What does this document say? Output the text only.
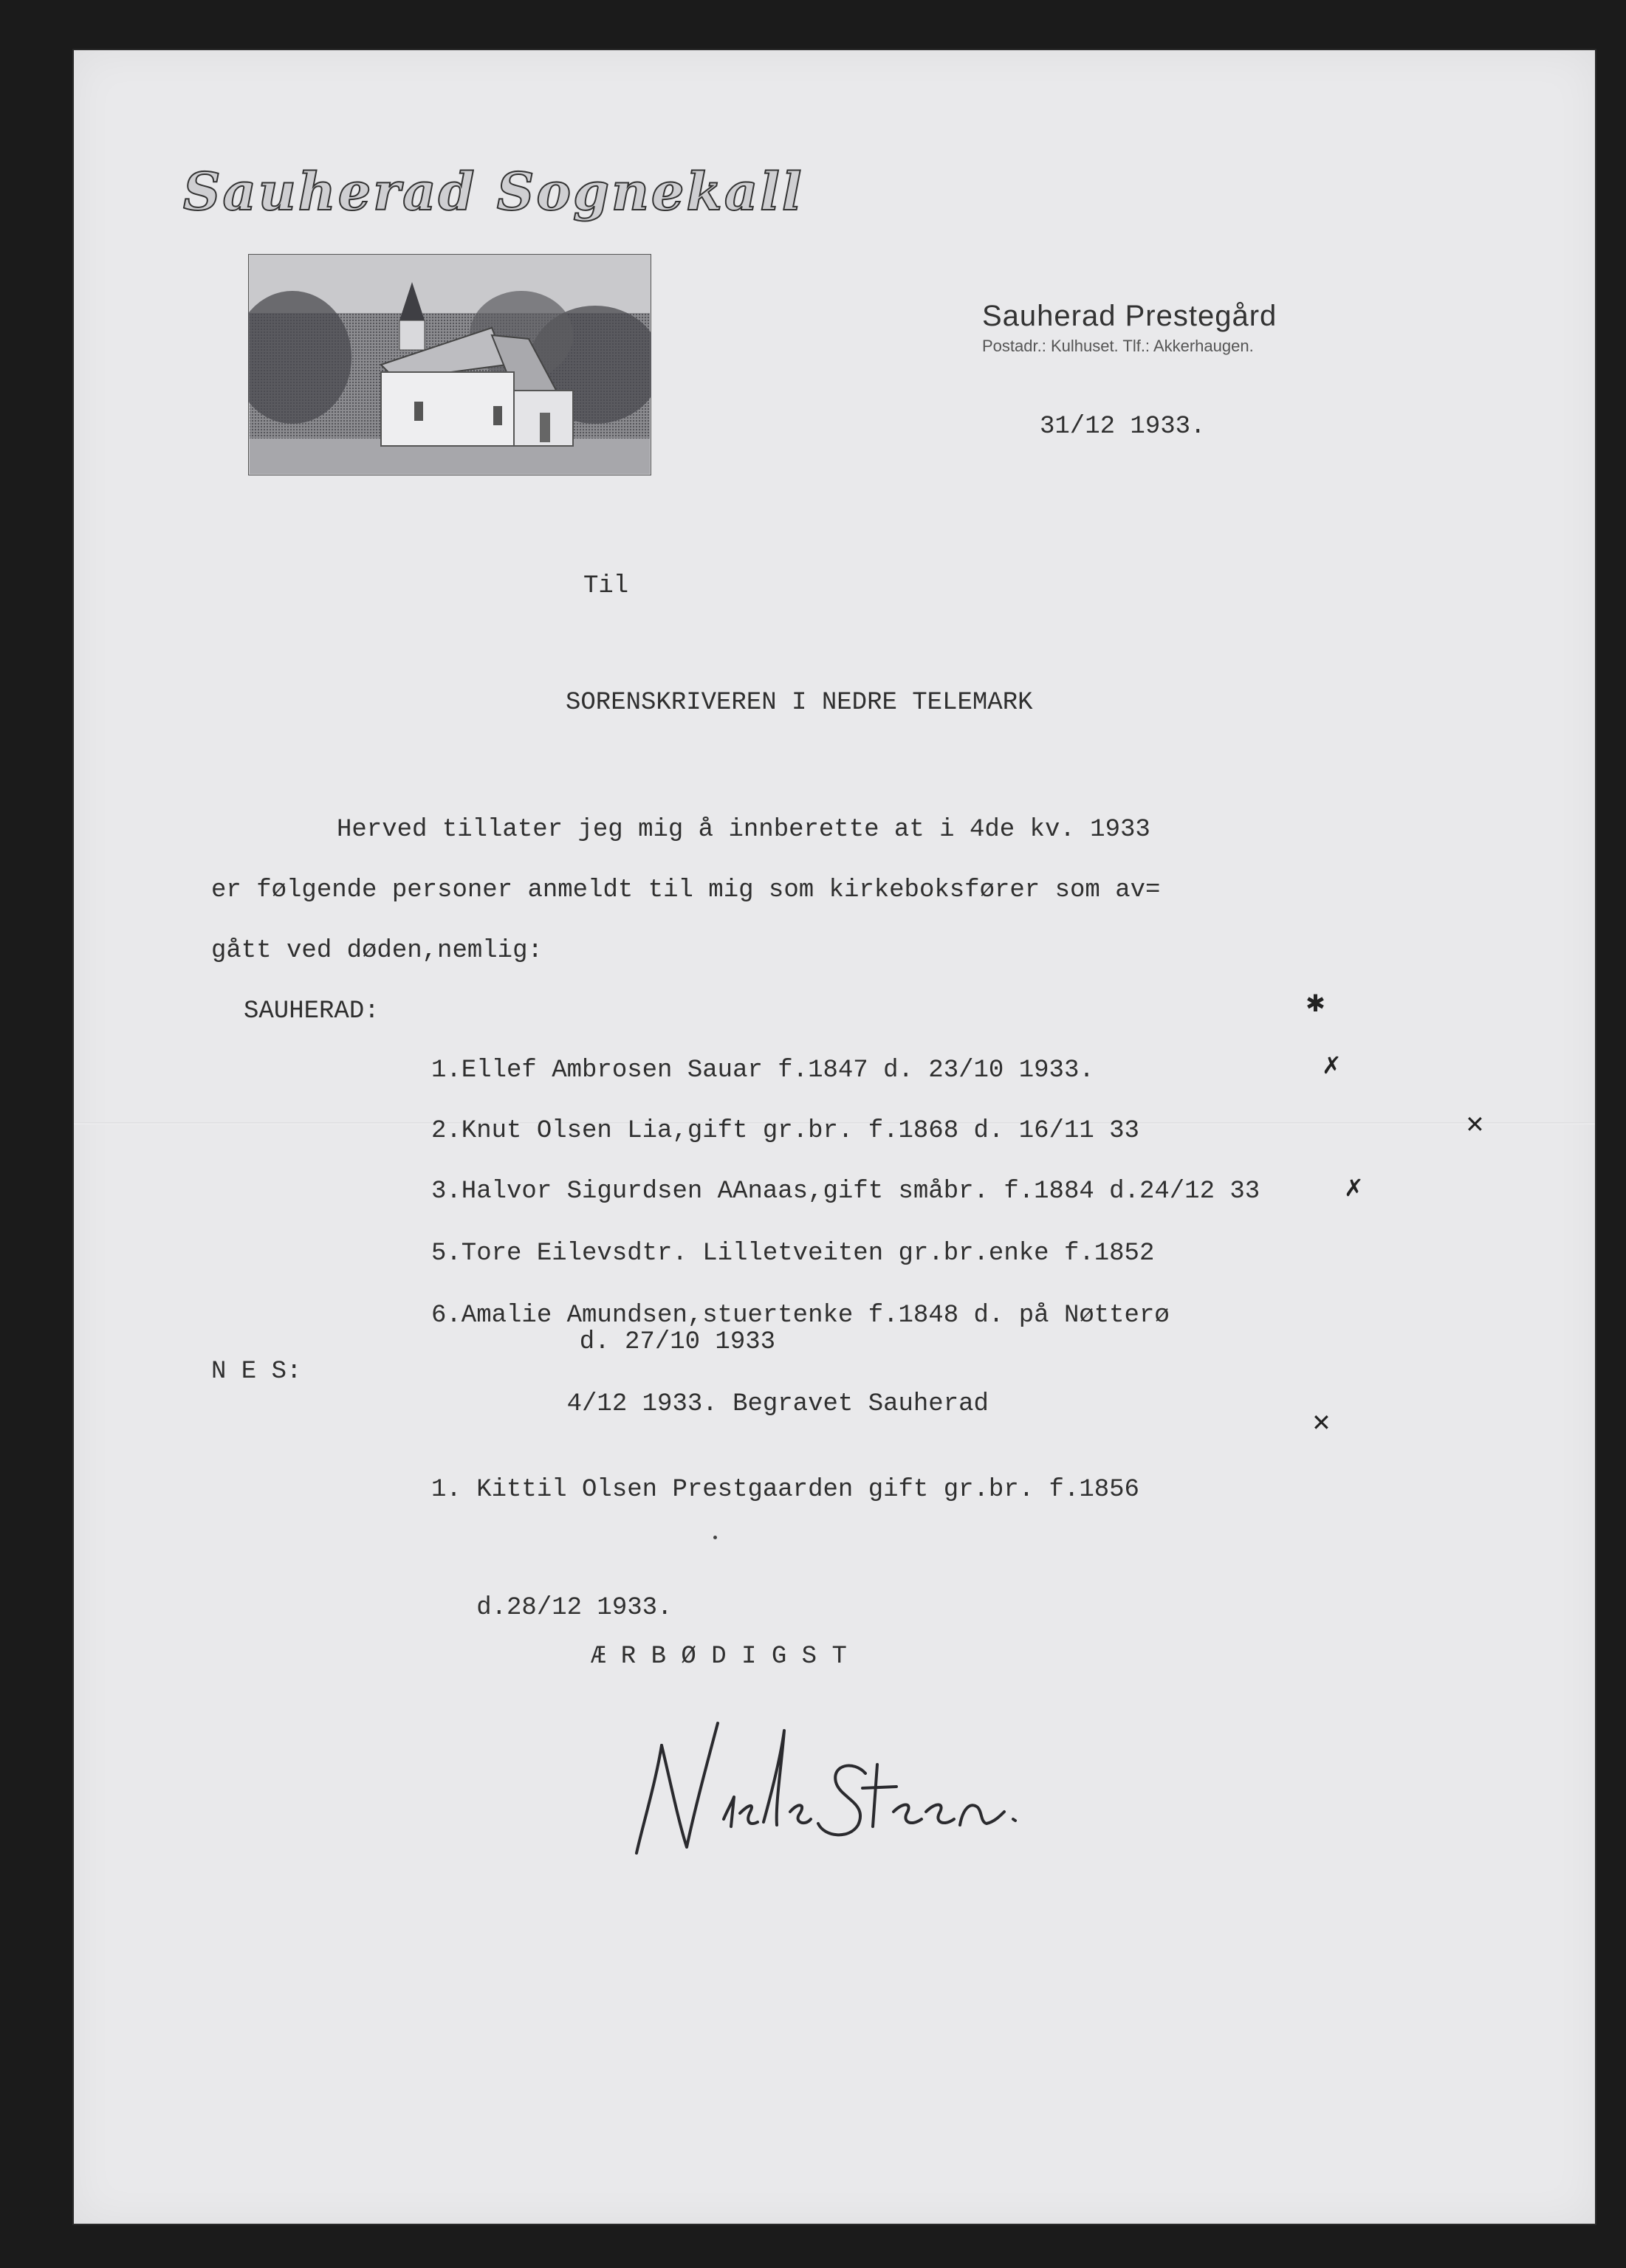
Sauherad Sognekall
Sauherad Prestegård
Postadr.: Kulhuset. Tlf.: Akkerhaugen.
31/12 1933.
Til
SORENSKRIVEREN I NEDRE TELEMARK
Herved tillater jeg mig å innberette at i 4de kv. 1933
er følgende personer anmeldt til mig som kirkeboksfører som av=
gått ved døden,nemlig:
SAUHERAD:

1.Ellef Ambrosen Sauar f.1847 d. 23/10 1933.

✱

2.Knut Olsen Lia,gift gr.br. f.1868 d. 16/11 33

✗

3.Halvor Sigurdsen AAnaas,gift småbr. f.1884 d.24/12 33

✕

5.Tore Eilevsdtr. Lilletveiten gr.br.enke f.1852

d. 27/10 1933

✗

6.Amalie Amundsen,stuertenke f.1848 d. på Nøtterø

4/12 1933. Begravet Sauherad

N E S:

1. Kittil Olsen Prestgaarden gift gr.br. f.1856

d.28/12 1933.

✕
Æ R B Ø D I G S T
